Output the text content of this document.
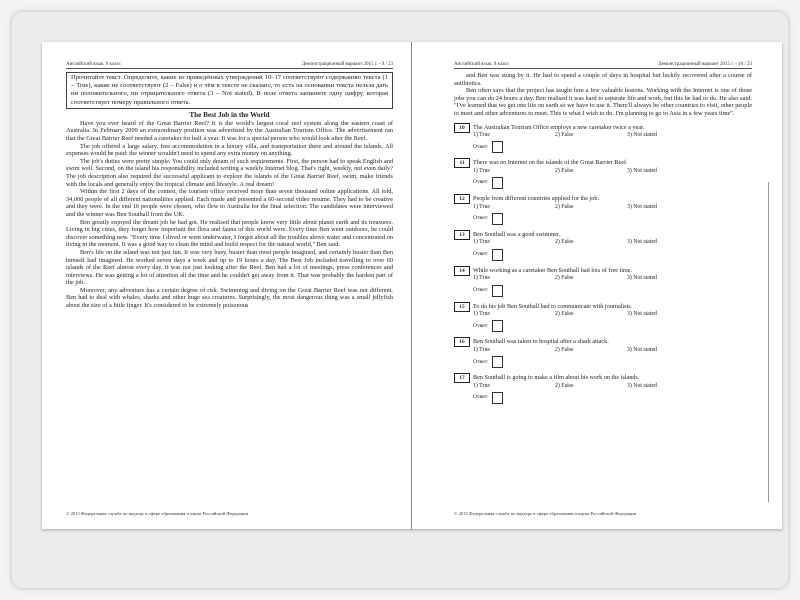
Английский язык. 9 класс	Демонстрационный вариант 2015 г. - 9 / 23
Прочитайте текст. Определите, какие из приведённых утверждений 10–17 соответствуют содержанию текста (1 – True), какие не соответствуют (2 – False) и о чём в тексте не сказано, то есть на основании текста нельзя дать ни положительного, ни отрицательного ответа (3 – Not stated). В поле ответа запишите одну цифру, которая соответствует номеру правильного ответа.
The Best Job in the World

Have you ever heard of the Great Barrier Reef? It is the world's largest coral reef system along the eastern coast of Australia. In February 2009 an extraordinary position was advertised by the Australian Tourism Office. The advertisement ran that the Great Barrier Reef needed a caretaker for half a year. It was for a special person who would look after the Reef.

The job offered a large salary, free accommodation in a luxury villa, and transportation there and around the islands. All expenses would be paid: the winner wouldn't need to spend any extra money on anything.

The job's duties were pretty simple. You could only dream of such requirements. First, the person had to speak English and swim well. Second, on the island his responsibility included writing a weekly Internet blog. That's right, weekly, not even daily? The job description also required the successful applicant to explore the islands of the Great Barrier Reef, swim, make friends with the locals and generally enjoy the tropical climate and lifestyle. A real dream!

Within the first 2 days of the contest, the tourism office received more than seven thousand online applications. All told, 34,000 people of all different nationalities applied. Each made and presented a 60-second video resume. They had to be creative and they were. In the end 16 people were chosen, who flew to Australia for the final selection. The candidates were interviewed and the winner was Ben Southall from the UK.

Ben greatly enjoyed the dream job he had got. He realised that people know very little about planet earth and its treasures. Living in big cities, they forget how important the flora and fauna of this world were. Every time Ben went outdoors, he could discover something new. "Every time I dived or went underwater, I forgot about all the troubles above water and concentrated on living in the moment. It was a good way to clean the mind and build respect for the natural world," Ben said.

Ben's life on the island was not just fun. It was very busy, busier than most people imagined, and certainly busier than Ben himself had imagined. He worked seven days a week and up to 19 hours a day. The Best Job included travelling to over 60 islands of the Reef almost every day. It was not just looking after the Reef, Ben had a lot of meetings, press conferences and interviews. He was getting a lot of attention all the time and he couldn't get away from it. That was probably the hardest part of the job.

Moreover, any adventure has a certain degree of risk. Swimming and diving on the Great Barrier Reef was not different. Ben had to deal with whales, sharks and other huge sea creatures. Surprisingly, the most dangerous thing was a small jellyfish about the size of a little finger. It's considered to be extremely poisonous

© 2015 Федеральная служба по надзору в сфере образования и науки Российской Федерации
Английский язык. 9 класс	Демонстрационный вариант 2015 г. - 10 / 23

and Ben was stung by it. He had to spend a couple of days in hospital but luckily recovered after a course of antibiotics.

Ben often says that the project has taught him a few valuable lessons. Working with the Internet is one of those jobs you can do 24 hours a day. Ben realised it was hard to separate life and work, but this he had to do. He also said: "I've learned that we get one life on earth so we have to use it. There'll always be other countries to visit, other people to meet and other adventures to meet. This is what I wish to do. I'm planning to go to Asia in a few years time".

10	The Australian Tourism Office employs a new caretaker twice a year.
1) True	2) False	3) Not stated
Ответ:
11	There was no Internet on the islands of the Great Barrier Reef.
1) True	2) False	3) Not stated
Ответ:
12	People from different countries applied for the job.
1) True	2) False	3) Not stated
Ответ:
13	Ben Southall was a good swimmer.
1) True	2) False	3) Not stated
Ответ:
14	While working as a caretaker Ben Southall had lots of free time.
1) True	2) False	3) Not stated
Ответ:
15	To do his job Ben Southall had to communicate with journalists.
1) True	2) False	3) Not stated
Ответ:
16	Ben Southall was taken to hospital after a shark attack.
1) True	2) False	3) Not stated
Ответ:
17	Ben Southall is going to make a film about his work on the islands.
1) True	2) False	3) Not stated
Ответ:
© 2015 Федеральная служба по надзору в сфере образования и науки Российской Федерации
